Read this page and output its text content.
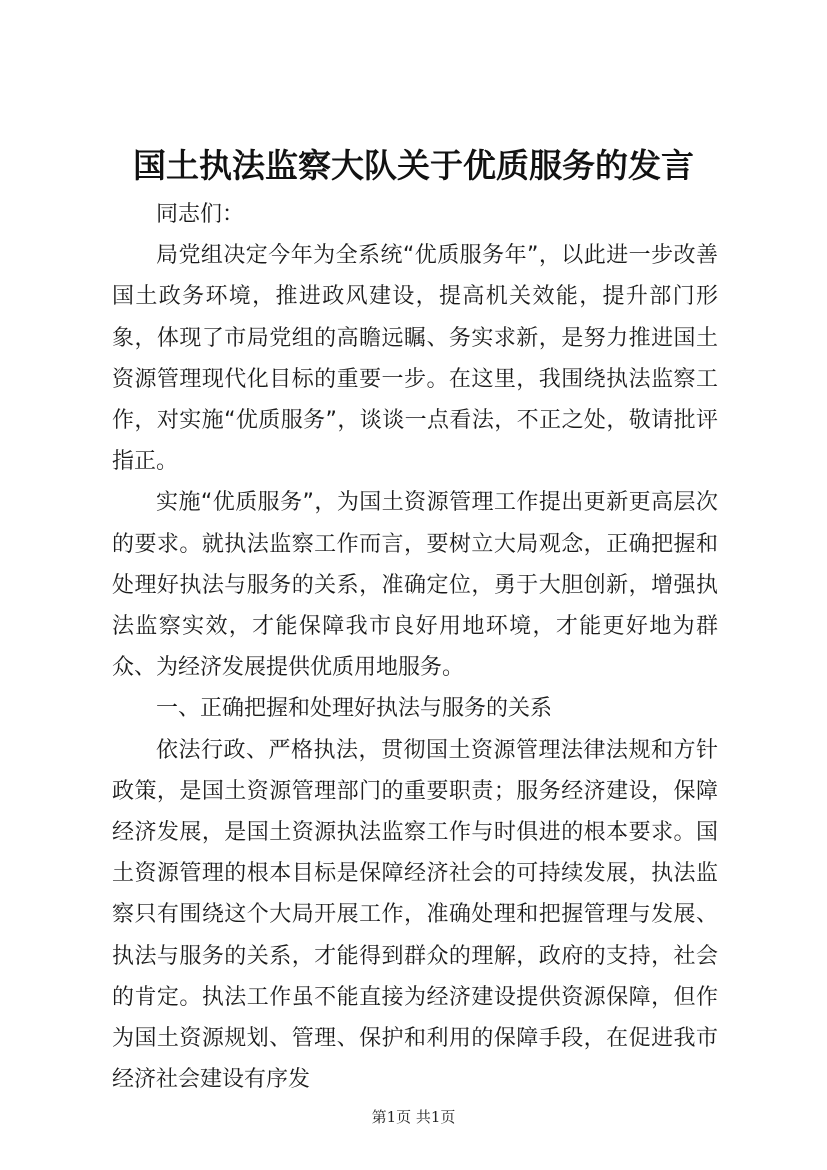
国土执法监察大队关于优质服务的发言

同志们：

局党组决定今年为全系统“优质服务年”，以此进一步改善国土政务环境，推进政风建设，提高机关效能，提升部门形象，体现了市局党组的高瞻远瞩、务实求新，是努力推进国土资源管理现代化目标的重要一步。在这里，我围绕执法监察工作，对实施“优质服务”，谈谈一点看法，不正之处，敬请批评指正。

实施“优质服务”，为国土资源管理工作提出更新更高层次的要求。就执法监察工作而言，要树立大局观念，正确把握和处理好执法与服务的关系，准确定位，勇于大胆创新，增强执法监察实效，才能保障我市良好用地环境，才能更好地为群众、为经济发展提供优质用地服务。

一、正确把握和处理好执法与服务的关系

依法行政、严格执法，贯彻国土资源管理法律法规和方针政策，是国土资源管理部门的重要职责；服务经济建设，保障经济发展，是国土资源执法监察工作与时俱进的根本要求。国土资源管理的根本目标是保障经济社会的可持续发展，执法监察只有围绕这个大局开展工作，准确处理和把握管理与发展、执法与服务的关系，才能得到群众的理解，政府的支持，社会的肯定。执法工作虽不能直接为经济建设提供资源保障，但作为国土资源规划、管理、保护和利用的保障手段，在促进我市经济社会建设有序发

第1页 共1页
